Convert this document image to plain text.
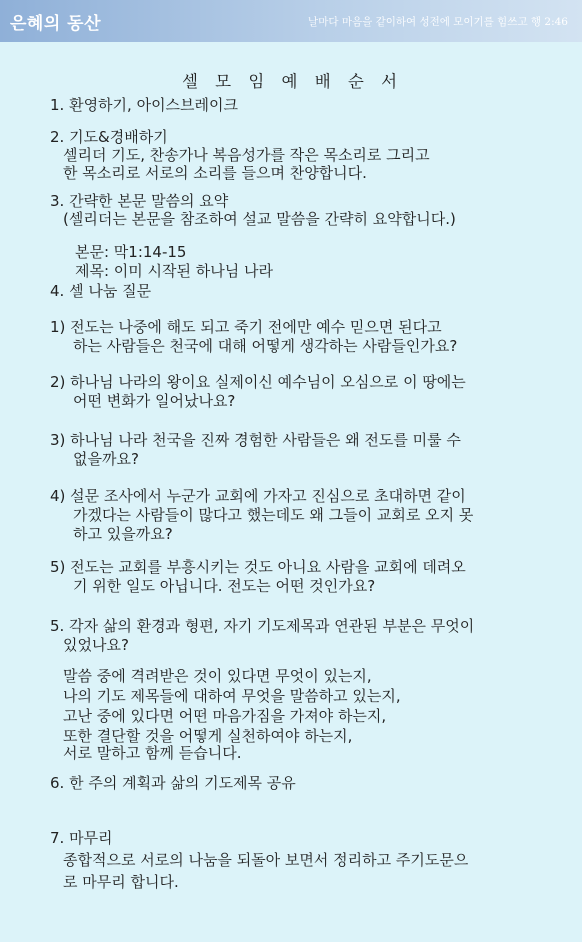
은혜의 동산	날마다 마음을 같이하여 성전에 모이기를 힘쓰고 행 2:46
셀 모 임 예 배 순 서
1. 환영하기, 아이스브레이크
2. 기도&경배하기
셀리더 기도, 찬송가나 복음성가를 작은 목소리로 그리고
한 목소리로 서로의 소리를 들으며 찬양합니다.
3. 간략한 본문 말씀의 요약
(셀리더는 본문을 참조하여 설교 말씀을 간략히 요약합니다.)
본문: 막1:14-15
제목: 이미 시작된 하나님 나라
4. 셀 나눔 질문
1) 전도는 나중에 해도 되고 죽기 전에만 예수 믿으면 된다고
하는 사람들은 천국에 대해 어떻게 생각하는 사람들인가요?
2) 하나님 나라의 왕이요 실제이신 예수님이 오심으로 이 땅에는
어떤 변화가 일어났나요?
3) 하나님 나라 천국을 진짜 경험한 사람들은 왜 전도를 미룰 수
없을까요?
4) 설문 조사에서 누군가 교회에 가자고 진심으로 초대하면 같이
가겠다는 사람들이 많다고 했는데도 왜 그들이 교회로 오지 못
하고 있을까요?
5) 전도는 교회를 부흥시키는 것도 아니요 사람을 교회에 데려오
기 위한 일도 아닙니다. 전도는 어떤 것인가요?
5. 각자 삶의 환경과 형편, 자기 기도제목과 연관된 부분은 무엇이
있었나요?
말씀 중에 격려받은 것이 있다면 무엇이 있는지,
나의 기도 제목들에 대하여 무엇을 말씀하고 있는지,
고난 중에 있다면 어떤 마음가짐을 가져야 하는지,
또한 결단할 것을 어떻게 실천하여야 하는지,
서로 말하고 함께 듣습니다.
6. 한 주의 계획과 삶의 기도제목 공유
7. 마무리
종합적으로 서로의 나눔을 되돌아 보면서 정리하고 주기도문으
로 마무리 합니다.
